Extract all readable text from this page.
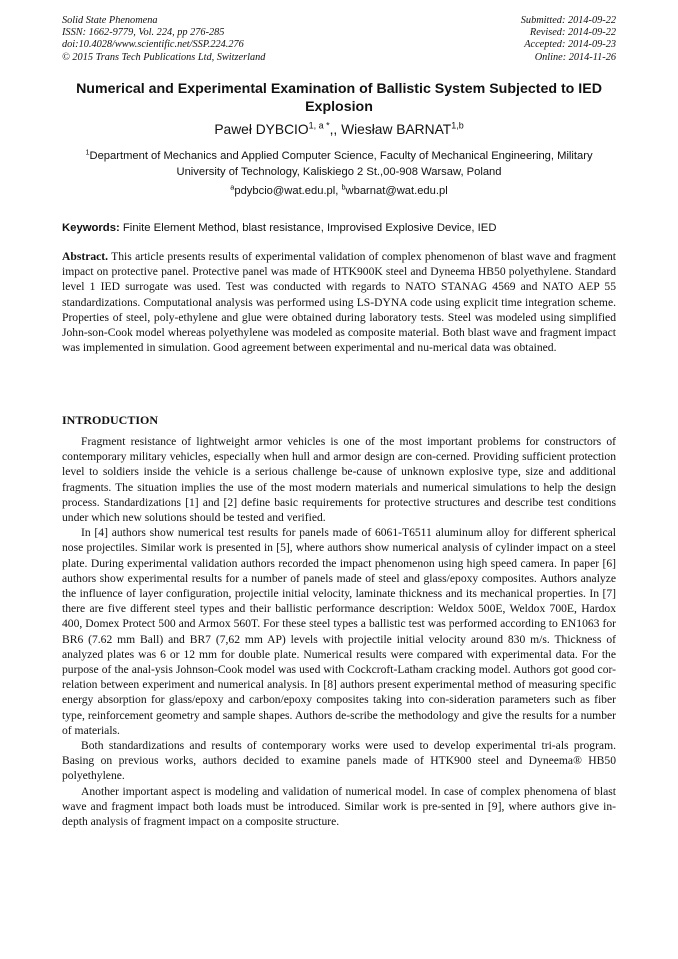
Solid State Phenomena
ISSN: 1662-9779, Vol. 224, pp 276-285
doi:10.4028/www.scientific.net/SSP.224.276
© 2015 Trans Tech Publications Ltd, Switzerland
Submitted: 2014-09-22
Revised: 2014-09-22
Accepted: 2014-09-23
Online: 2014-11-26
Numerical and Experimental Examination of Ballistic System Subjected to IED Explosion
Paweł $DYBCIO^{1, a *}$,, Wiesław BARNAT$^{1,b}$
$^1$Department of Mechanics and Applied Computer Science, Faculty of Mechanical Engineering, Military University of Technology, Kaliskiego 2 St.,00-908 Warsaw, Poland
$^a$pdybcio@wat.edu.pl, $^b$wbarnat@wat.edu.pl
Keywords: Finite Element Method, blast resistance, Improvised Explosive Device, IED

Abstract. This article presents results of experimental validation of complex phenomenon of blast wave and fragment impact on protective panel. Protective panel was made of HTK900K steel and Dyneema HB50 polyethylene. Standard level 1 IED surrogate was used. Test was conducted with regards to NATO STANAG 4569 and NATO AEP 55 standardizations. Computational analysis was performed using LS-DYNA code using explicit time integration scheme. Properties of steel, poly-ethylene and glue were obtained during laboratory tests. Steel was modeled using simplified John-son-Cook model whereas polyethylene was modeled as composite material. Both blast wave and fragment impact was implemented in simulation. Good agreement between experimental and nu-merical data was obtained.

INTRODUCTION

Fragment resistance of lightweight armor vehicles is one of the most important problems for constructors of contemporary military vehicles, especially when hull and armor design are con-cerned. Providing sufficient protection level to soldiers inside the vehicle is a serious challenge be-cause of unknown explosive type, size and additional fragments. The situation implies the use of the most modern materials and numerical simulations to help the design process. Standardizations [1] and [2] define basic requirements for protective structures and describe test conditions under which new solutions should be tested and verified.

In [4] authors show numerical test results for panels made of 6061-T6511 aluminum alloy for different spherical nose projectiles. Similar work is presented in [5], where authors show numerical analysis of cylinder impact on a steel plate. During experimental validation authors recorded the impact phenomenon using high speed camera. In paper [6] authors show experimental results for a number of panels made of steel and glass/epoxy composites. Authors analyze the influence of layer configuration, projectile initial velocity, laminate thickness and its mechanical properties. In [7] there are five different steel types and their ballistic performance description: Weldox 500E, Weldox 700E, Hardox 400, Domex Protect 500 and Armox 560T. For these steel types a ballistic test was performed according to EN1063 for BR6 (7.62 mm Ball) and BR7 (7,62 mm AP) levels with projectile initial velocity around 830 m/s. Thickness of analyzed plates was 6 or 12 mm for double plate. Numerical results were compared with experimental data. For the purpose of the anal-ysis Johnson-Cook model was used with Cockcroft-Latham cracking model. Authors got good cor-relation between experiment and numerical analysis. In [8] authors present experimental method of measuring specific energy absorption for glass/epoxy and carbon/epoxy composites taking into con-sideration parameters such as fiber type, reinforcement geometry and sample shapes. Authors de-scribe the methodology and give the results for a number of materials.

Both standardizations and results of contemporary works were used to develop experimental tri-als program. Basing on previous works, authors decided to examine panels made of HTK900 steel and Dyneema® HB50 polyethylene.

Another important aspect is modeling and validation of numerical model. In case of complex phenomena of blast wave and fragment impact both loads must be introduced. Similar work is pre-sented in [9], where authors give in-depth analysis of fragment impact on a composite structure.
